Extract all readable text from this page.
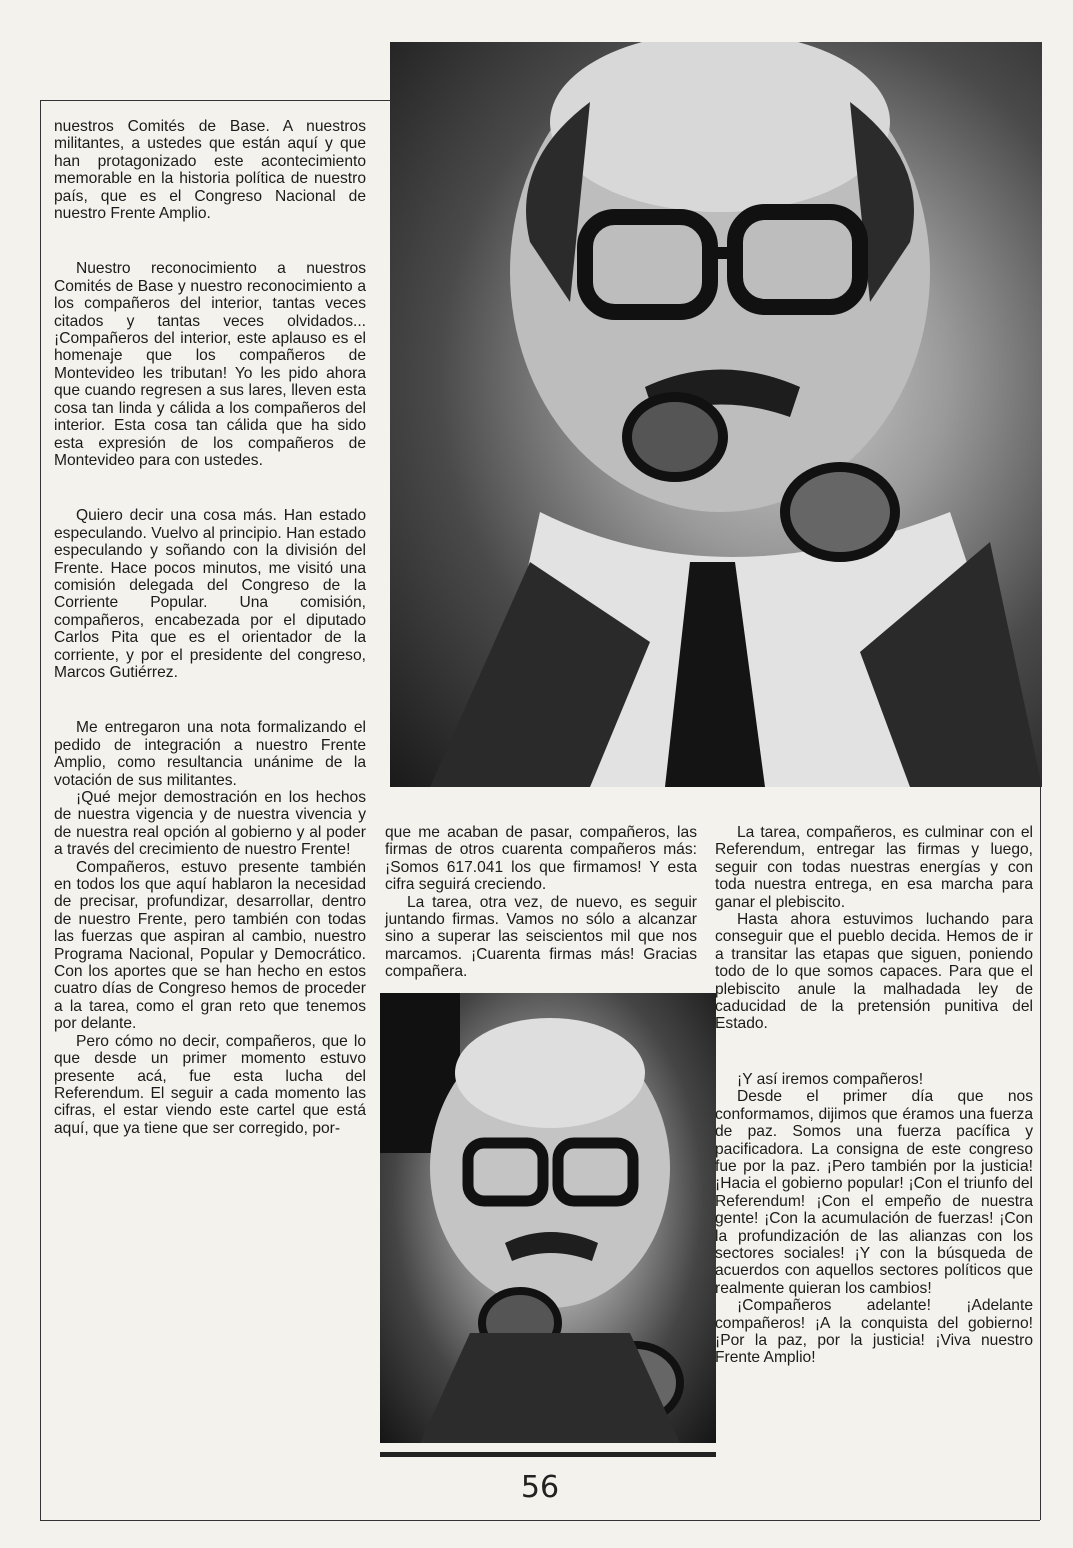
nuestros Comités de Base. A nuestros militantes, a ustedes que están aquí y que han protagonizado este acontecimiento memorable en la historia política de nuestro país, que es el Congreso Nacional de nuestro Frente Amplio.

Nuestro reconocimiento a nuestros Comités de Base y nuestro reconocimiento a los compañeros del interior, tantas veces citados y tantas veces olvidados... ¡Compañeros del interior, este aplauso es el homenaje que los compañeros de Montevideo les tributan! Yo les pido ahora que cuando regresen a sus lares, lleven esta cosa tan linda y cálida a los compañeros del interior. Esta cosa tan cálida que ha sido esta expresión de los compañeros de Montevideo para con ustedes.

Quiero decir una cosa más. Han estado especulando. Vuelvo al principio. Han estado especulando y soñando con la división del Frente. Hace pocos minutos, me visitó una comisión delegada del Congreso de la Corriente Popular. Una comisión, compañeros, encabezada por el diputado Carlos Pita que es el orientador de la corriente, y por el presidente del congreso, Marcos Gutiérrez.

Me entregaron una nota formalizando el pedido de integración a nuestro Frente Amplio, como resultancia unánime de la votación de sus militantes.

¡Qué mejor demostración en los hechos de nuestra vigencia y de nuestra vivencia y de nuestra real opción al gobierno y al poder a través del crecimiento de nuestro Frente!

Compañeros, estuvo presente también en todos los que aquí hablaron la necesidad de precisar, profundizar, desarrollar, dentro de nuestro Frente, pero también con todas las fuerzas que aspiran al cambio, nuestro Programa Nacional, Popular y Democrático. Con los aportes que se han hecho en estos cuatro días de Congreso hemos de proceder a la tarea, como el gran reto que tenemos por delante.

Pero cómo no decir, compañeros, que lo que desde un primer momento estuvo presente acá, fue esta lucha del Referendum. El seguir a cada momento las cifras, el estar viendo este cartel que está aquí, que ya tiene que ser corregido, por-

que me acaban de pasar, compañeros, las firmas de otros cuarenta compañeros más: ¡Somos 617.041 los que firmamos! Y esta cifra seguirá creciendo.

La tarea, otra vez, de nuevo, es seguir juntando firmas. Vamos no sólo a alcanzar sino a superar las seiscientos mil que nos marcamos. ¡Cuarenta firmas más! Gracias compañera.

La tarea, compañeros, es culminar con el Referendum, entregar las firmas y luego, seguir con todas nuestras energías y con toda nuestra entrega, en esa marcha para ganar el plebiscito.

Hasta ahora estuvimos luchando para conseguir que el pueblo decida. Hemos de ir a transitar las etapas que siguen, poniendo todo de lo que somos capaces. Para que el plebiscito anule la malhadada ley de caducidad de la pretensión punitiva del Estado.

¡Y así iremos compañeros!

Desde el primer día que nos conformamos, dijimos que éramos una fuerza de paz. Somos una fuerza pacífica y pacificadora. La consigna de este congreso fue por la paz. ¡Pero también por la justicia! ¡Hacia el gobierno popular! ¡Con el triunfo del Referendum! ¡Con el empeño de nuestra gente! ¡Con la acumulación de fuerzas! ¡Con la profundización de las alianzas con los sectores sociales! ¡Y con la búsqueda de acuerdos con aquellos sectores políticos que realmente quieran los cambios!

¡Compañeros adelante! ¡Adelante compañeros! ¡A la conquista del gobierno! ¡Por la paz, por la justicia! ¡Viva nuestro Frente Amplio!

56
